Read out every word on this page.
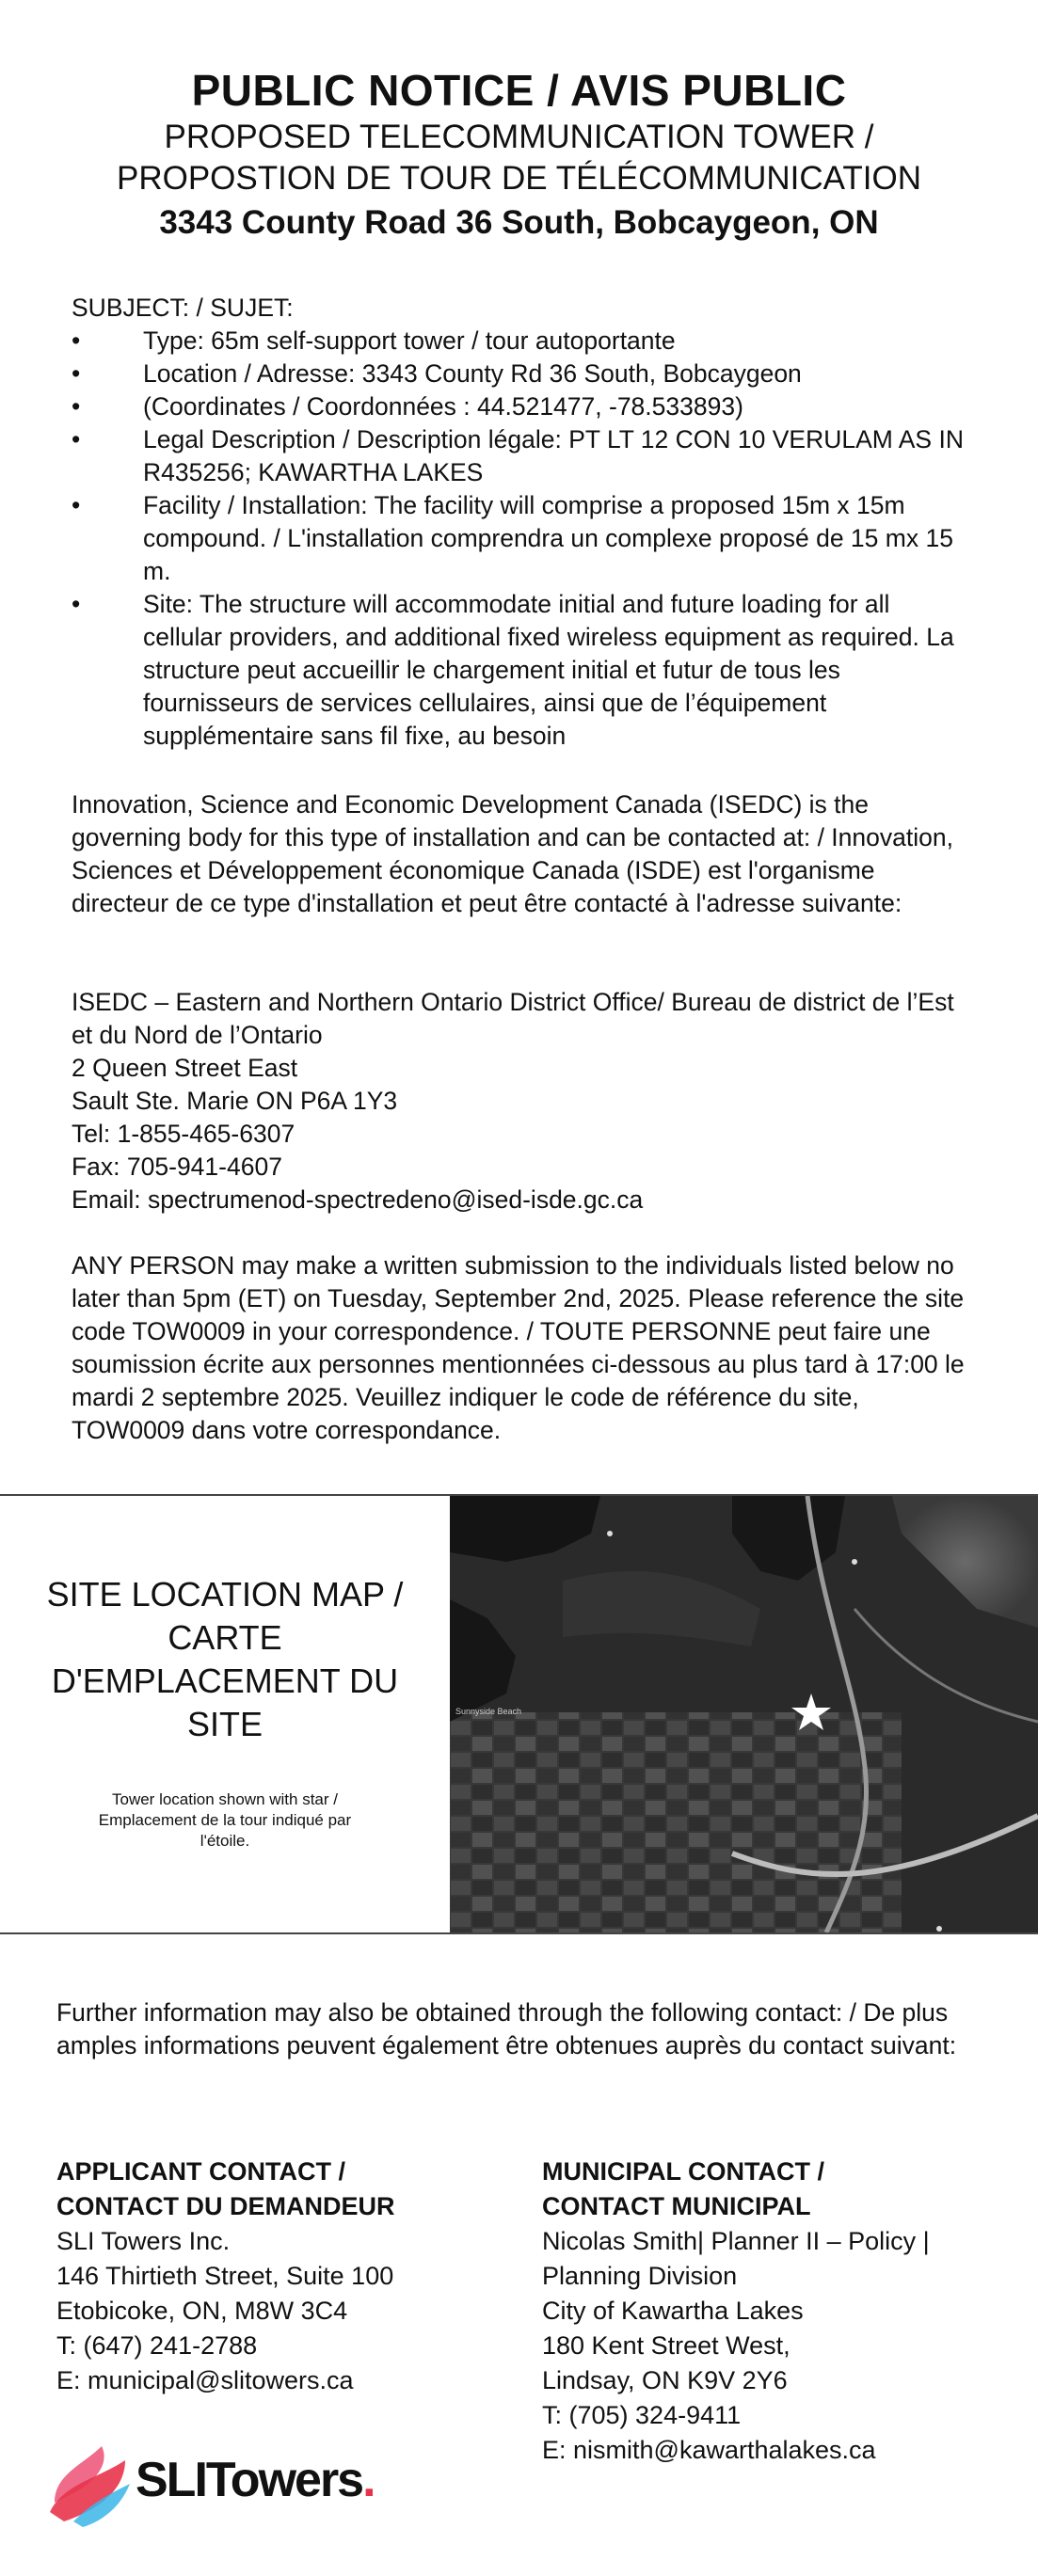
PUBLIC NOTICE / AVIS PUBLIC
PROPOSED TELECOMMUNICATION TOWER /
PROPOSTION DE TOUR DE TÉLÉCOMMUNICATION
3343 County Road 36 South, Bobcaygeon, ON
SUBJECT: / SUJET:
• Type: 65m self-support tower / tour autoportante
• Location / Adresse: 3343 County Rd 36 South, Bobcaygeon
• (Coordinates / Coordonnées : 44.521477, -78.533893)
• Legal Description / Description légale: PT LT 12 CON 10 VERULAM AS IN R435256; KAWARTHA LAKES
• Facility / Installation: The facility will comprise a proposed 15m x 15m compound. / L'installation comprendra un complexe proposé de 15 mx 15 m.
• Site: The structure will accommodate initial and future loading for all cellular providers, and additional fixed wireless equipment as required. La structure peut accueillir le chargement initial et futur de tous les fournisseurs de services cellulaires, ainsi que de l’équipement supplémentaire sans fil fixe, au besoin

Innovation, Science and Economic Development Canada (ISEDC) is the governing body for this type of installation and can be contacted at: / Innovation, Sciences et Développement économique Canada (ISDE) est l'organisme directeur de ce type d'installation et peut être contacté à l'adresse suivante:

ISEDC – Eastern and Northern Ontario District Office/ Bureau de district de l’Est et du Nord de l’Ontario
2 Queen Street East
Sault Ste. Marie ON P6A 1Y3
Tel: 1-855-465-6307
Fax: 705-941-4607
Email: spectrumenod-spectredeno@ised-isde.gc.ca

ANY PERSON may make a written submission to the individuals listed below no later than 5pm (ET) on Tuesday, September 2nd, 2025. Please reference the site code TOW0009 in your correspondence. / TOUTE PERSONNE peut faire une soumission écrite aux personnes mentionnées ci-dessous au plus tard à 17:00 le mardi 2 septembre 2025. Veuillez indiquer le code de référence du site, TOW0009 dans votre correspondance.

SITE LOCATION MAP / CARTE D'EMPLACEMENT DU SITE
Tower location shown with star / Emplacement de la tour indiqué par l'étoile.
Sunnyside Beach

Further information may also be obtained through the following contact: / De plus amples informations peuvent également être obtenues auprès du contact suivant:

APPLICANT CONTACT /
CONTACT DU DEMANDEUR
SLI Towers Inc.
146 Thirtieth Street, Suite 100
Etobicoke, ON, M8W 3C4
T: (647) 241-2788
E: municipal@slitowers.ca
MUNICIPAL CONTACT /
CONTACT MUNICIPAL
Nicolas Smith| Planner II – Policy | Planning Division
City of Kawartha Lakes
180 Kent Street West,
Lindsay, ON K9V 2Y6
T: (705) 324-9411
E: nismith@kawarthalakes.ca
SLITowers.
